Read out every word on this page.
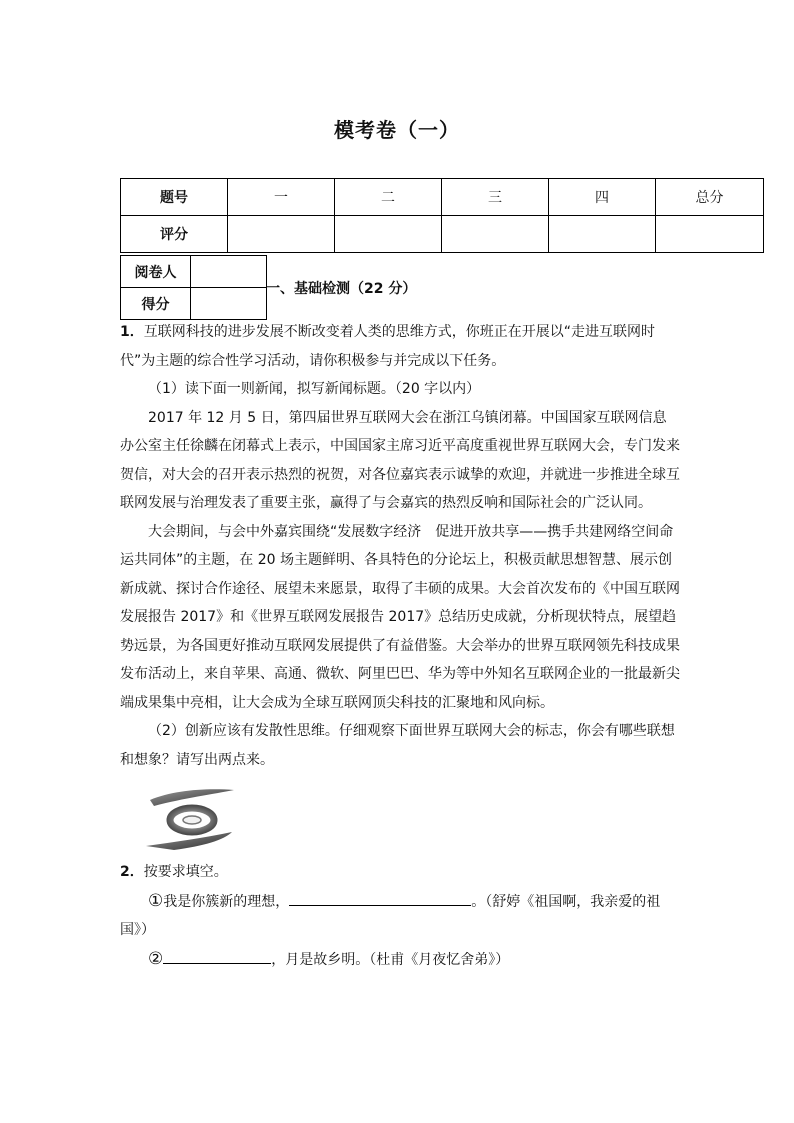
模考卷（一）
题号	一	二	三	四	总分
评分					
阅卷人	
得分	
一、基础检测（22 分）

1．互联网科技的进步发展不断改变着人类的思维方式，你班正在开展以“走进互联网时代”为主题的综合性学习活动，请你积极参与并完成以下任务。

（1）读下面一则新闻，拟写新闻标题。（20 字以内）

2017 年 12 月 5 日，第四届世界互联网大会在浙江乌镇闭幕。中国国家互联网信息办公室主任徐麟在闭幕式上表示，中国国家主席习近平高度重视世界互联网大会，专门发来贺信，对大会的召开表示热烈的祝贺，对各位嘉宾表示诚挚的欢迎，并就进一步推进全球互联网发展与治理发表了重要主张，赢得了与会嘉宾的热烈反响和国际社会的广泛认同。

大会期间，与会中外嘉宾围绕“发展数字经济　促进开放共享——携手共建网络空间命运共同体”的主题，在 20 场主题鲜明、各具特色的分论坛上，积极贡献思想智慧、展示创新成就、探讨合作途径、展望未来愿景，取得了丰硕的成果。大会首次发布的《中国互联网发展报告 2017》和《世界互联网发展报告 2017》总结历史成就，分析现状特点，展望趋势远景，为各国更好推动互联网发展提供了有益借鉴。大会举办的世界互联网领先科技成果发布活动上，来自苹果、高通、微软、阿里巴巴、华为等中外知名互联网企业的一批最新尖端成果集中亮相，让大会成为全球互联网顶尖科技的汇聚地和风向标。

（2）创新应该有发散性思维。仔细观察下面世界互联网大会的标志，你会有哪些联想和想象？请写出两点来。

2．按要求填空。

①我是你簇新的理想，	。（舒婷《祖国啊，我亲爱的祖国》）

②	，月是故乡明。（杜甫《月夜忆舍弟》）
